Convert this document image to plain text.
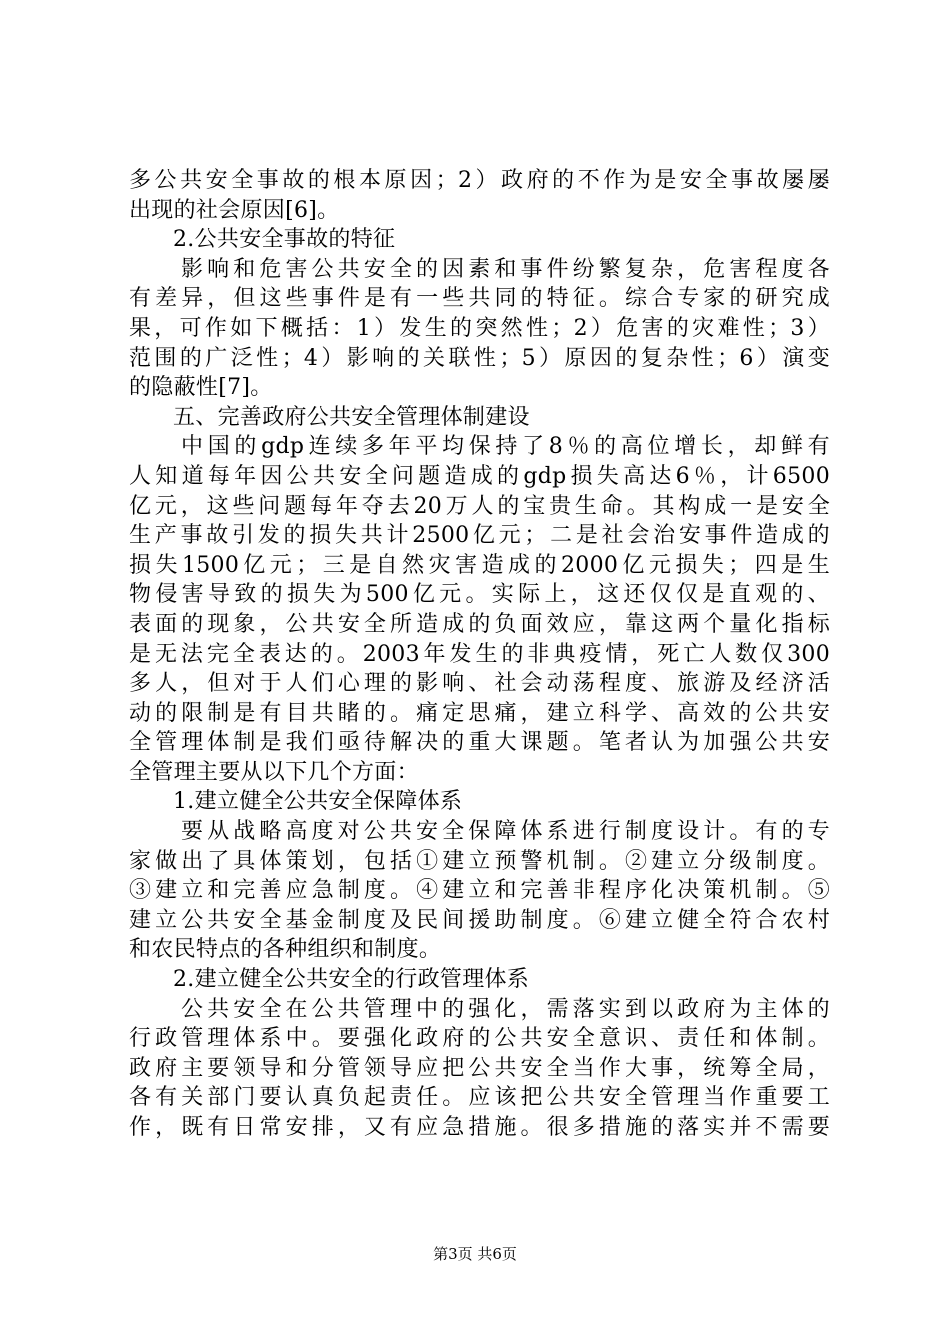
多公共安全事故的根本原因；2）政府的不作为是安全事故屡屡
出现的社会原因[6]。
2.公共安全事故的特征
影响和危害公共安全的因素和事件纷繁复杂，危害程度各
有差异，但这些事件是有一些共同的特征。综合专家的研究成
果，可作如下概括：1）发生的突然性；2）危害的灾难性；3）
范围的广泛性；4）影响的关联性；5）原因的复杂性；6）演变
的隐蔽性[7]。
五、完善政府公共安全管理体制建设
中国的gdp连续多年平均保持了8％的高位增长，却鲜有
人知道每年因公共安全问题造成的gdp损失高达6％，计6500
亿元，这些问题每年夺去20万人的宝贵生命。其构成一是安全
生产事故引发的损失共计2500亿元；二是社会治安事件造成的
损失1500亿元；三是自然灾害造成的2000亿元损失；四是生
物侵害导致的损失为500亿元。实际上，这还仅仅是直观的、
表面的现象，公共安全所造成的负面效应，靠这两个量化指标
是无法完全表达的。2003年发生的非典疫情，死亡人数仅300
多人，但对于人们心理的影响、社会动荡程度、旅游及经济活
动的限制是有目共睹的。痛定思痛，建立科学、高效的公共安
全管理体制是我们亟待解决的重大课题。笔者认为加强公共安
全管理主要从以下几个方面：
1.建立健全公共安全保障体系
要从战略高度对公共安全保障体系进行制度设计。有的专
家做出了具体策划，包括①建立预警机制。②建立分级制度。
③建立和完善应急制度。④建立和完善非程序化决策机制。⑤
建立公共安全基金制度及民间援助制度。⑥建立健全符合农村
和农民特点的各种组织和制度。
2.建立健全公共安全的行政管理体系
公共安全在公共管理中的强化，需落实到以政府为主体的
行政管理体系中。要强化政府的公共安全意识、责任和体制。
政府主要领导和分管领导应把公共安全当作大事，统筹全局，
各有关部门要认真负起责任。应该把公共安全管理当作重要工
作，既有日常安排，又有应急措施。很多措施的落实并不需要
第3页 共6页
